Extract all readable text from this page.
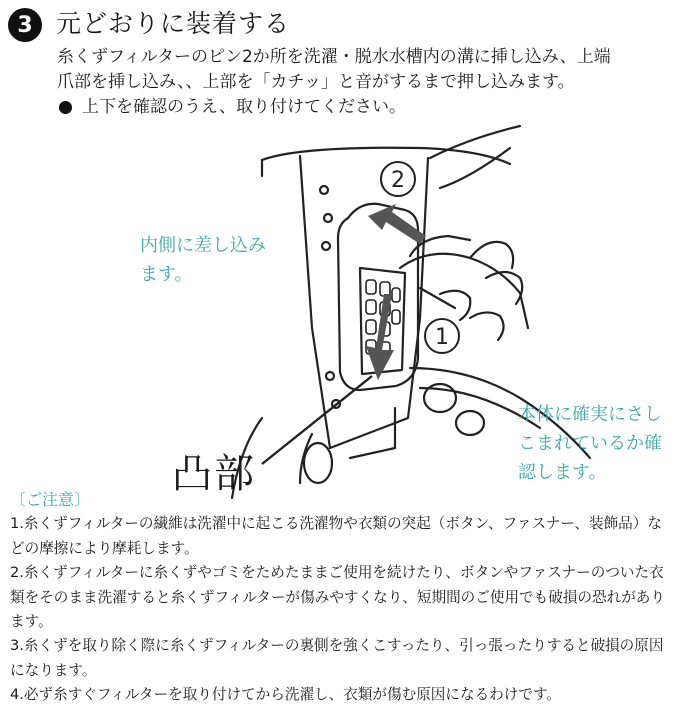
3 元どおりに装着する

糸くずフィルターのピン2か所を洗濯・脱水水槽内の溝に挿し込み、上端

爪部を挿し込み、、上部を「カチッ」と音がするまで押し込みます。

上下を確認のうえ、取り付けてください。

2
1
内側に差し込みます。
本体に確実にさしこまれているか確認します。
凸部

〔ご注意〕

1.糸くずフィルターの繊維は洗濯中に起こる洗濯物や衣類の突起（ボタン、ファスナー、装飾品）などの摩擦により摩耗します。

2.糸くずフィルターに糸くずやゴミをためたままご使用を続けたり、ボタンやファスナーのついた衣類をそのまま洗濯すると糸くずフィルターが傷みやすくなり、短期間のご使用でも破損の恐れがあります。

3.糸くずを取り除く際に糸くずフィルターの裏側を強くこすったり、引っ張ったりすると破損の原因になります。

4.必ず糸すぐフィルターを取り付けてから洗濯し、衣類が傷む原因になるわけです。
